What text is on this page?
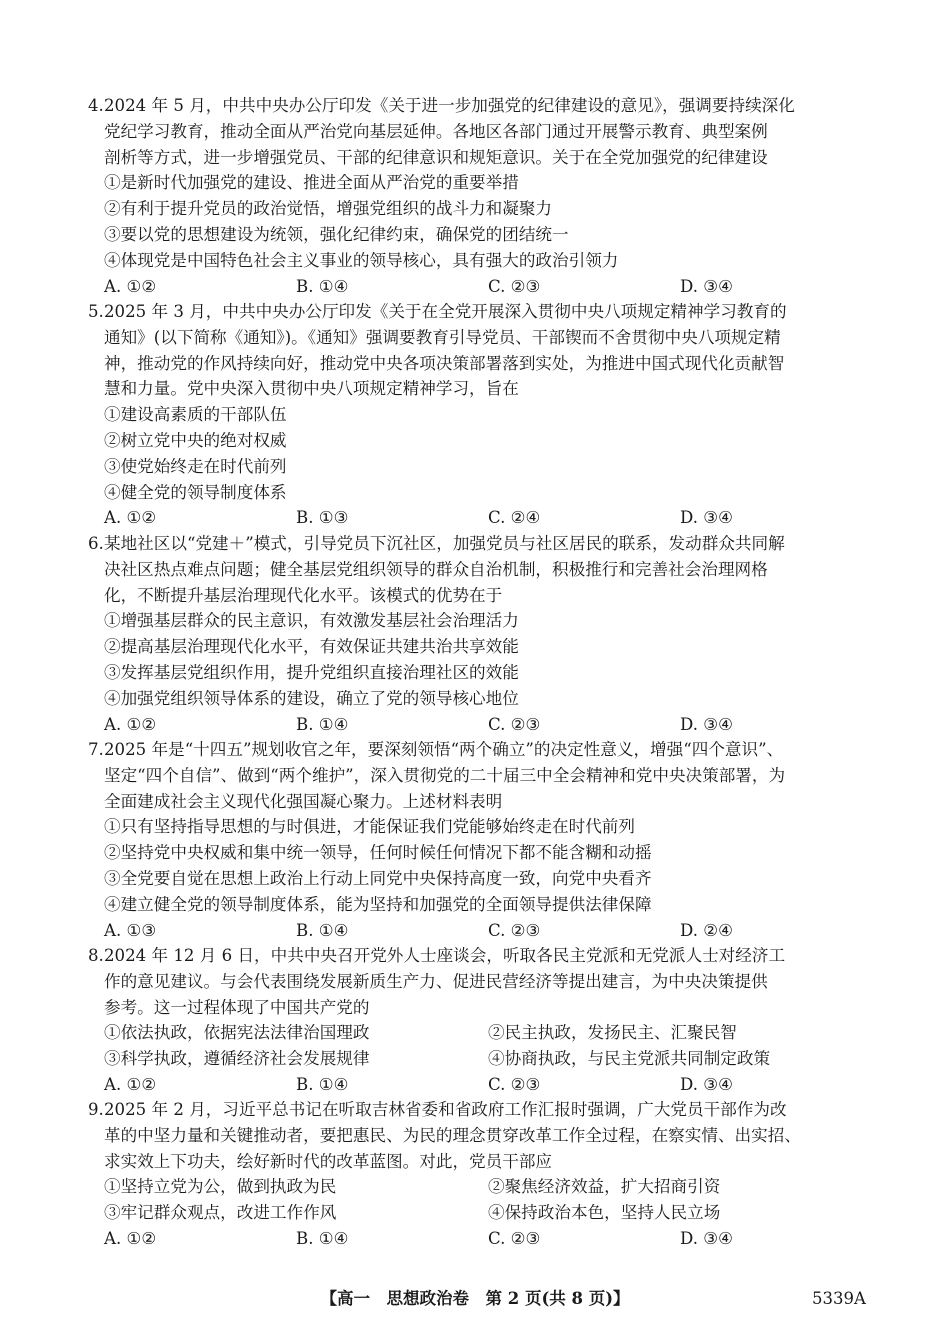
4.2024 年 5 月，中共中央办公厅印发《关于进一步加强党的纪律建设的意见》，强调要持续深化
党纪学习教育，推动全面从严治党向基层延伸。各地区各部门通过开展警示教育、典型案例
剖析等方式，进一步增强党员、干部的纪律意识和规矩意识。关于在全党加强党的纪律建设
①是新时代加强党的建设、推进全面从严治党的重要举措
②有利于提升党员的政治觉悟，增强党组织的战斗力和凝聚力
③要以党的思想建设为统领，强化纪律约束，确保党的团结统一
④体现党是中国特色社会主义事业的领导核心，具有强大的政治引领力
A. ①②	B. ①④	C. ②③	D. ③④
5.2025 年 3 月，中共中央办公厅印发《关于在全党开展深入贯彻中央八项规定精神学习教育的
通知》(以下简称《通知》)。《通知》强调要教育引导党员、干部锲而不舍贯彻中央八项规定精
神，推动党的作风持续向好，推动党中央各项决策部署落到实处，为推进中国式现代化贡献智
慧和力量。党中央深入贯彻中央八项规定精神学习，旨在
①建设高素质的干部队伍
②树立党中央的绝对权威
③使党始终走在时代前列
④健全党的领导制度体系
A. ①②	B. ①③	C. ②④	D. ③④
6.某地社区以“党建＋”模式，引导党员下沉社区，加强党员与社区居民的联系，发动群众共同解
决社区热点难点问题；健全基层党组织领导的群众自治机制，积极推行和完善社会治理网格
化，不断提升基层治理现代化水平。该模式的优势在于
①增强基层群众的民主意识，有效激发基层社会治理活力
②提高基层治理现代化水平，有效保证共建共治共享效能
③发挥基层党组织作用，提升党组织直接治理社区的效能
④加强党组织领导体系的建设，确立了党的领导核心地位
A. ①②	B. ①④	C. ②③	D. ③④
7.2025 年是“十四五”规划收官之年，要深刻领悟“两个确立”的决定性意义，增强“四个意识”、
坚定“四个自信”、做到“两个维护”，深入贯彻党的二十届三中全会精神和党中央决策部署，为
全面建成社会主义现代化强国凝心聚力。上述材料表明
①只有坚持指导思想的与时俱进，才能保证我们党能够始终走在时代前列
②坚持党中央权威和集中统一领导，任何时候任何情况下都不能含糊和动摇
③全党要自觉在思想上政治上行动上同党中央保持高度一致，向党中央看齐
④建立健全党的领导制度体系，能为坚持和加强党的全面领导提供法律保障
A. ①③	B. ①④	C. ②③	D. ②④
8.2024 年 12 月 6 日，中共中央召开党外人士座谈会，听取各民主党派和无党派人士对经济工
作的意见建议。与会代表围绕发展新质生产力、促进民营经济等提出建言，为中央决策提供
参考。这一过程体现了中国共产党的
①依法执政，依据宪法法律治国理政	②民主执政，发扬民主、汇聚民智
③科学执政，遵循经济社会发展规律	④协商执政，与民主党派共同制定政策
A. ①②	B. ①④	C. ②③	D. ③④
9.2025 年 2 月，习近平总书记在听取吉林省委和省政府工作汇报时强调，广大党员干部作为改
革的中坚力量和关键推动者，要把惠民、为民的理念贯穿改革工作全过程，在察实情、出实招、
求实效上下功夫，绘好新时代的改革蓝图。对此，党员干部应
①坚持立党为公，做到执政为民	②聚焦经济效益，扩大招商引资
③牢记群众观点，改进工作作风	④保持政治本色，坚持人民立场
A. ①②	B. ①④	C. ②③	D. ③④
【高一　思想政治卷　第 2 页(共 8 页)】	5339A
